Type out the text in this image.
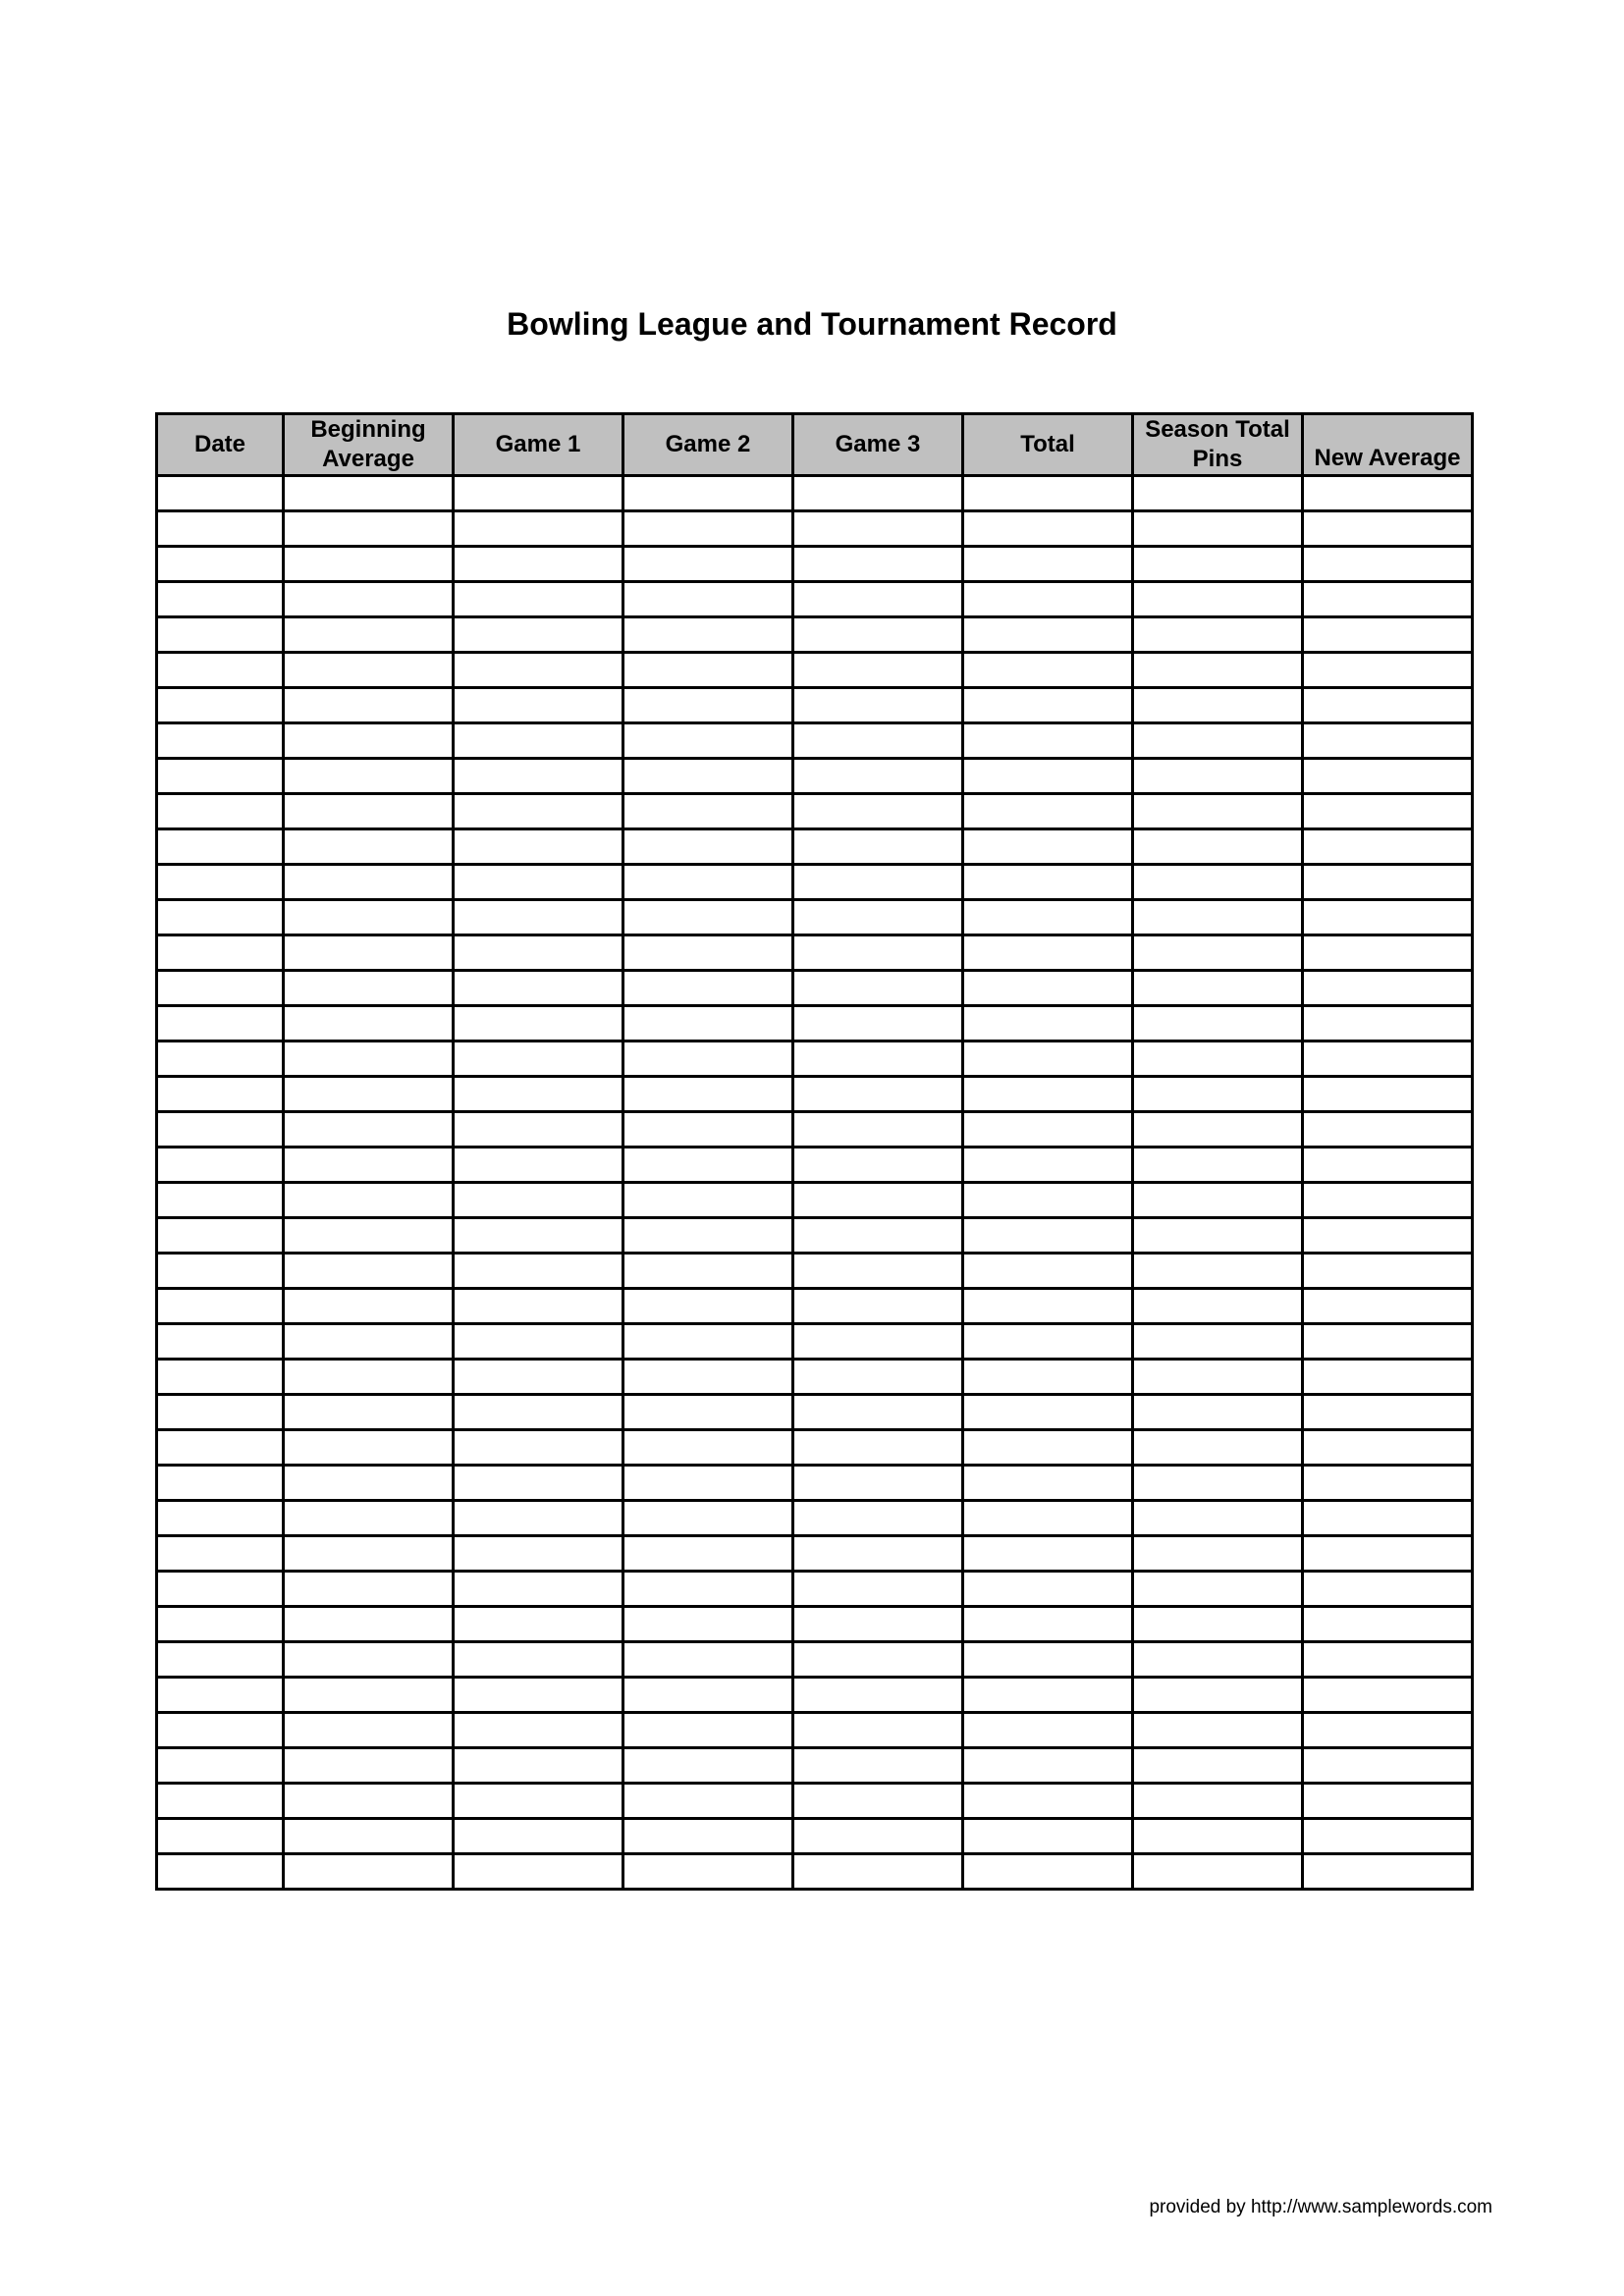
Bowling League and Tournament Record
Date	Beginning Average	Game 1	Game 2	Game 3	Total	Season Total Pins	New Average

provided by http://www.samplewords.com
